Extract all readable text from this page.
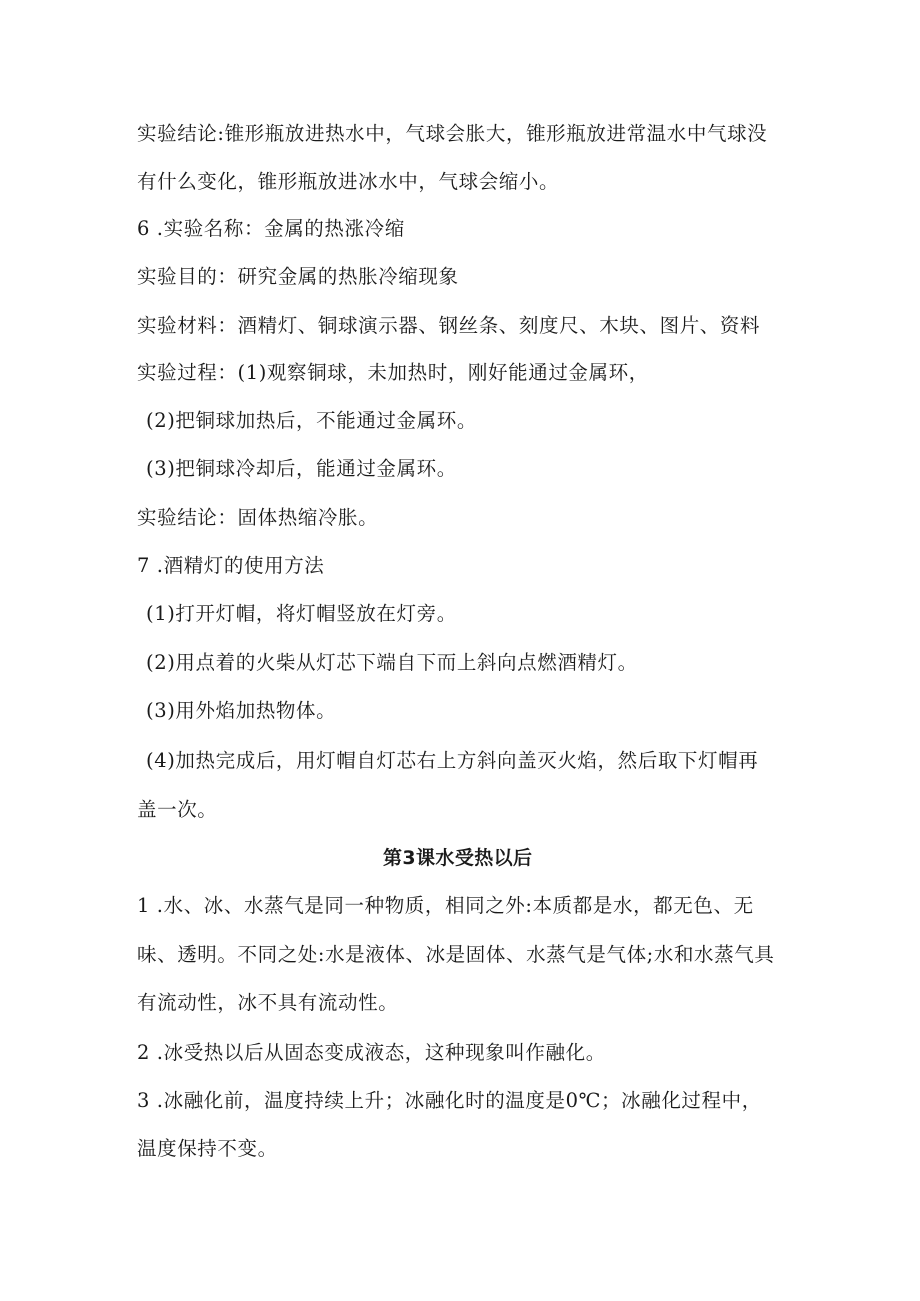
实验结论:锥形瓶放进热水中，气球会胀大，锥形瓶放进常温水中气球没
有什么变化，锥形瓶放进冰水中，气球会缩小。
6 .实验名称：金属的热涨冷缩
实验目的：研究金属的热胀冷缩现象
实验材料：酒精灯、铜球演示器、钢丝条、刻度尺、木块、图片、资料
实验过程：(1)观察铜球，未加热时，刚好能通过金属环，
(2)把铜球加热后，不能通过金属环。
(3)把铜球冷却后，能通过金属环。
实验结论：固体热缩冷胀。
7 .酒精灯的使用方法
(1)打开灯帽，将灯帽竖放在灯旁。
(2)用点着的火柴从灯芯下端自下而上斜向点燃酒精灯。
(3)用外焰加热物体。
(4)加热完成后，用灯帽自灯芯右上方斜向盖灭火焰，然后取下灯帽再
盖一次。
第3课水受热以后
1 .水、冰、水蒸气是同一种物质，相同之外:本质都是水，都无色、无
味、透明。不同之处:水是液体、冰是固体、水蒸气是气体;水和水蒸气具
有流动性，冰不具有流动性。
2 .冰受热以后从固态变成液态，这种现象叫作融化。
3 .冰融化前，温度持续上升；冰融化时的温度是0℃；冰融化过程中，
温度保持不变。
